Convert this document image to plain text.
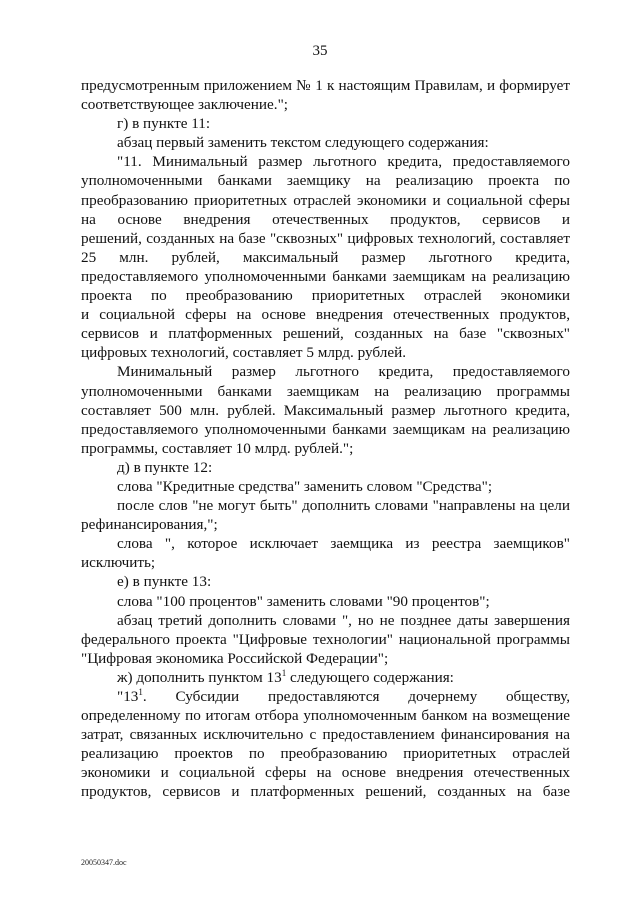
35
предусмотренным приложением № 1 к настоящим Правилам, и формирует
соответствующее заключение.";
г) в пункте 11:
абзац первый заменить текстом следующего содержания:
"11. Минимальный размер льготного кредита, предоставляемого
уполномоченными банками заемщику на реализацию проекта по
преобразованию приоритетных отраслей экономики и социальной сферы
на основе внедрения отечественных продуктов, сервисов и
решений, созданных на базе "сквозных" цифровых технологий, составляет
25 млн. рублей, максимальный размер льготного кредита,
предоставляемого уполномоченными банками заемщикам на реализацию
проекта по преобразованию приоритетных отраслей экономики
и социальной сферы на основе внедрения отечественных продуктов,
сервисов и платформенных решений, созданных на базе "сквозных"
цифровых технологий, составляет 5 млрд. рублей.
Минимальный размер льготного кредита, предоставляемого
уполномоченными банками заемщикам на реализацию программы
составляет 500 млн. рублей. Максимальный размер льготного кредита,
предоставляемого уполномоченными банками заемщикам на реализацию
программы, составляет 10 млрд. рублей.";
д) в пункте 12:
слова "Кредитные средства" заменить словом "Средства";
после слов "не могут быть" дополнить словами "направлены на цели
рефинансирования,";
слова ", которое исключает заемщика из реестра заемщиков"
исключить;
е) в пункте 13:
слова "100 процентов" заменить словами "90 процентов";
абзац третий дополнить словами ", но не позднее даты завершения
федерального проекта "Цифровые технологии" национальной программы
"Цифровая экономика Российской Федерации";
ж) дополнить пунктом $13^1$ следующего содержания:
"$13^1$. Субсидии предоставляются дочернему обществу,
определенному по итогам отбора уполномоченным банком на возмещение
затрат, связанных исключительно с предоставлением финансирования на
реализацию проектов по преобразованию приоритетных отраслей
экономики и социальной сферы на основе внедрения отечественных
продуктов, сервисов и платформенных решений, созданных на базе
20050347.doc
